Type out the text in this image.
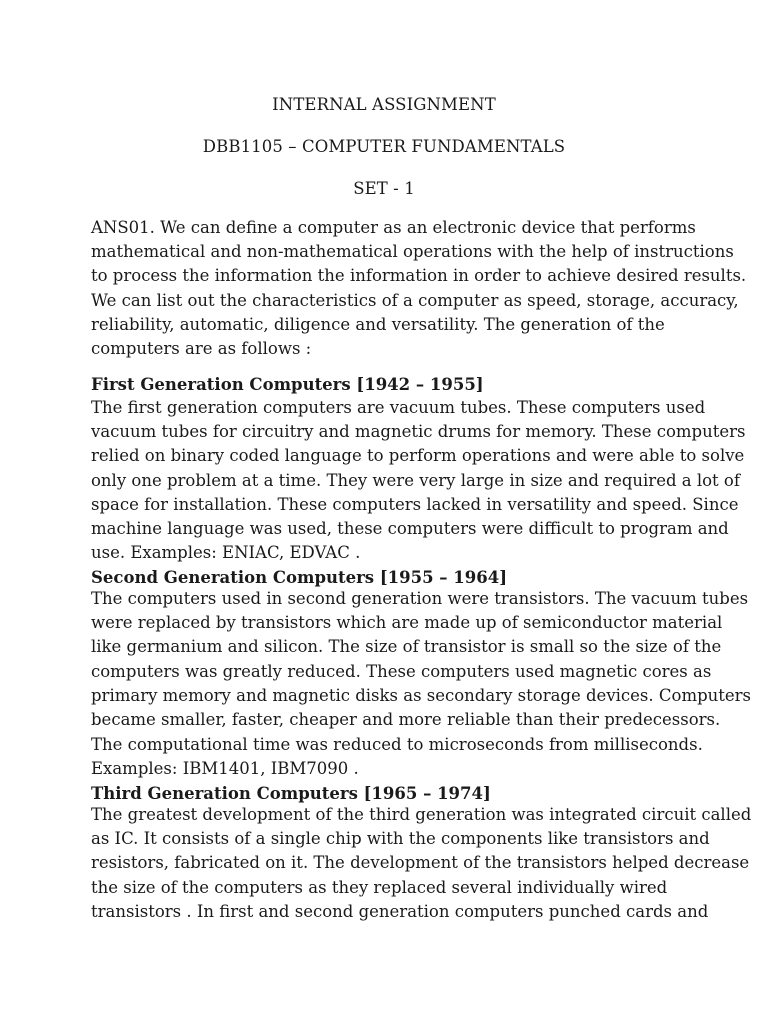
INTERNAL ASSIGNMENT
DBB1105 – COMPUTER FUNDAMENTALS
SET - 1
ANS01. We can define a computer as an electronic device that performs
mathematical and non-mathematical operations with the help of instructions
to process the information the information in order to achieve desired results.
We can list out the characteristics of a computer as speed, storage, accuracy,
reliability, automatic, diligence and versatility. The generation of the
computers are as follows :
First Generation Computers [1942 – 1955]
The first generation computers are vacuum tubes. These computers used
vacuum tubes for circuitry and magnetic drums for memory. These computers
relied on binary coded language to perform operations and were able to solve
only one problem at a time. They were very large in size and required a lot of
space for installation. These computers lacked in versatility and speed. Since
machine language was used, these computers were difficult to program and
use. Examples: ENIAC, EDVAC .
Second Generation Computers [1955 – 1964]
The computers used in second generation were transistors. The vacuum tubes
were replaced by transistors which are made up of semiconductor material
like germanium and silicon. The size of transistor is small so the size of the
computers was greatly reduced. These computers used magnetic cores as
primary memory and magnetic disks as secondary storage devices. Computers
became smaller, faster, cheaper and more reliable than their predecessors.
The computational time was reduced to microseconds from milliseconds.
Examples: IBM1401, IBM7090 .
Third Generation Computers [1965 – 1974]
The greatest development of the third generation was integrated circuit called
as IC. It consists of a single chip with the components like transistors and
resistors, fabricated on it. The development of the transistors helped decrease
the size of the computers as they replaced several individually wired
transistors . In first and second generation computers punched cards and
